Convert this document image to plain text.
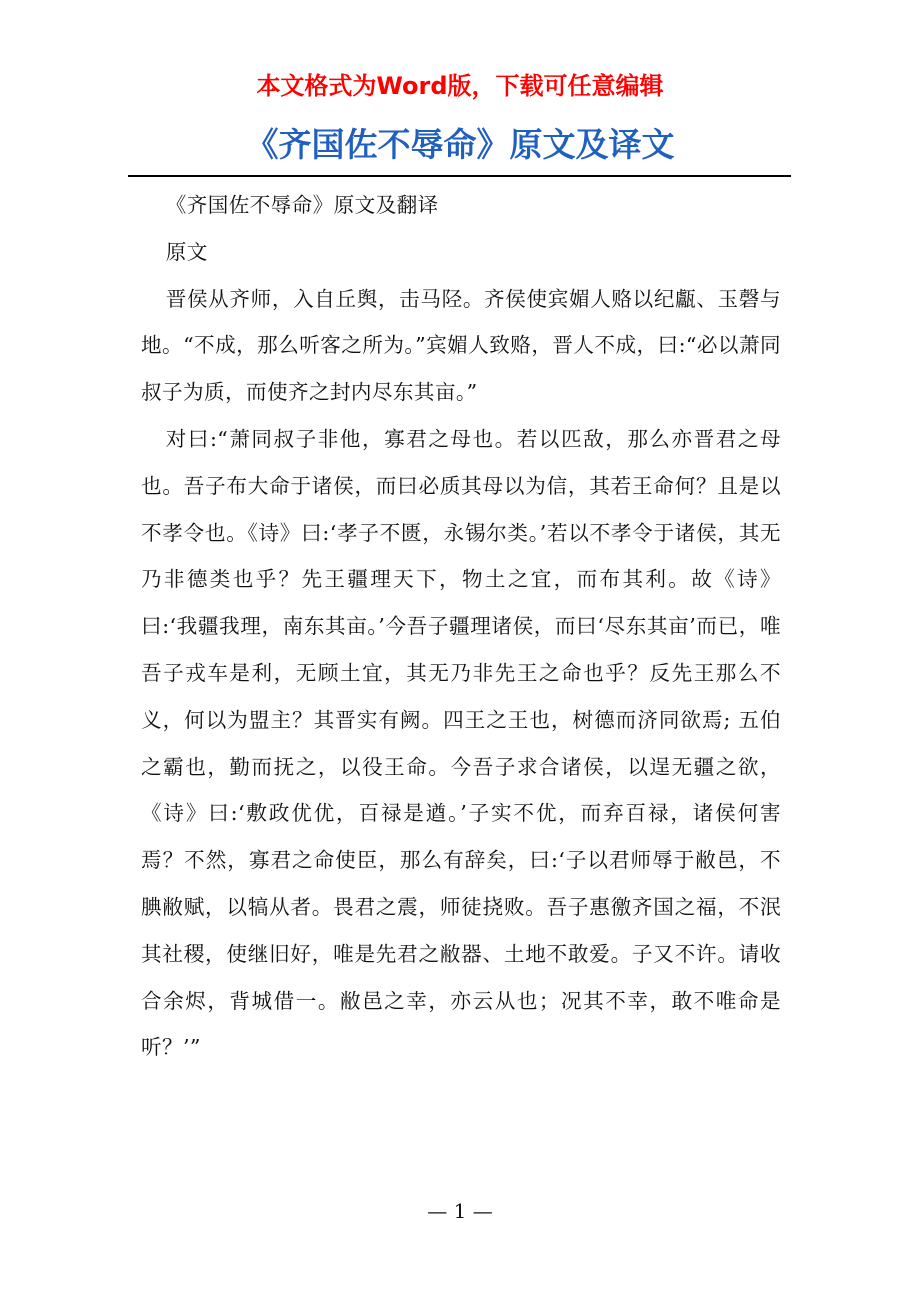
本文格式为Word版，下载可任意编辑
《齐国佐不辱命》原文及译文

《齐国佐不辱命》原文及翻译

原文

晋侯从齐师，入自丘舆，击马陉。齐侯使宾媚人赂以纪甗、玉磬与地。“不成，那么听客之所为。”宾媚人致赂，晋人不成，曰:“必以萧同叔子为质，而使齐之封内尽东其亩。”

对曰:“萧同叔子非他，寡君之母也。若以匹敌，那么亦晋君之母也。吾子布大命于诸侯，而曰必质其母以为信，其若王命何？且是以不孝令也。《诗》曰:‘孝子不匮，永锡尔类。’若以不孝令于诸侯，其无乃非德类也乎？先王疆理天下，物土之宜，而布其利。故《诗》曰:‘我疆我理，南东其亩。’今吾子疆理诸侯，而曰‘尽东其亩’而已，唯吾子戎车是利，无顾土宜，其无乃非先王之命也乎？反先王那么不义，何以为盟主？其晋实有阙。四王之王也，树德而济同欲焉; 五伯之霸也，勤而抚之，以役王命。今吾子求合诸侯，以逞无疆之欲，《诗》曰:‘敷政优优，百禄是遒。’子实不优，而弃百禄，诸侯何害焉？不然，寡君之命使臣，那么有辞矣，曰:‘子以君师辱于敝邑，不腆敝赋，以犒从者。畏君之震，师徒挠败。吾子惠徼齐国之福，不泯其社稷，使继旧好，唯是先君之敝器、土地不敢爱。子又不许。请收合余烬，背城借一。敝邑之幸，亦云从也；况其不幸，敢不唯命是听？’”

— 1 —
